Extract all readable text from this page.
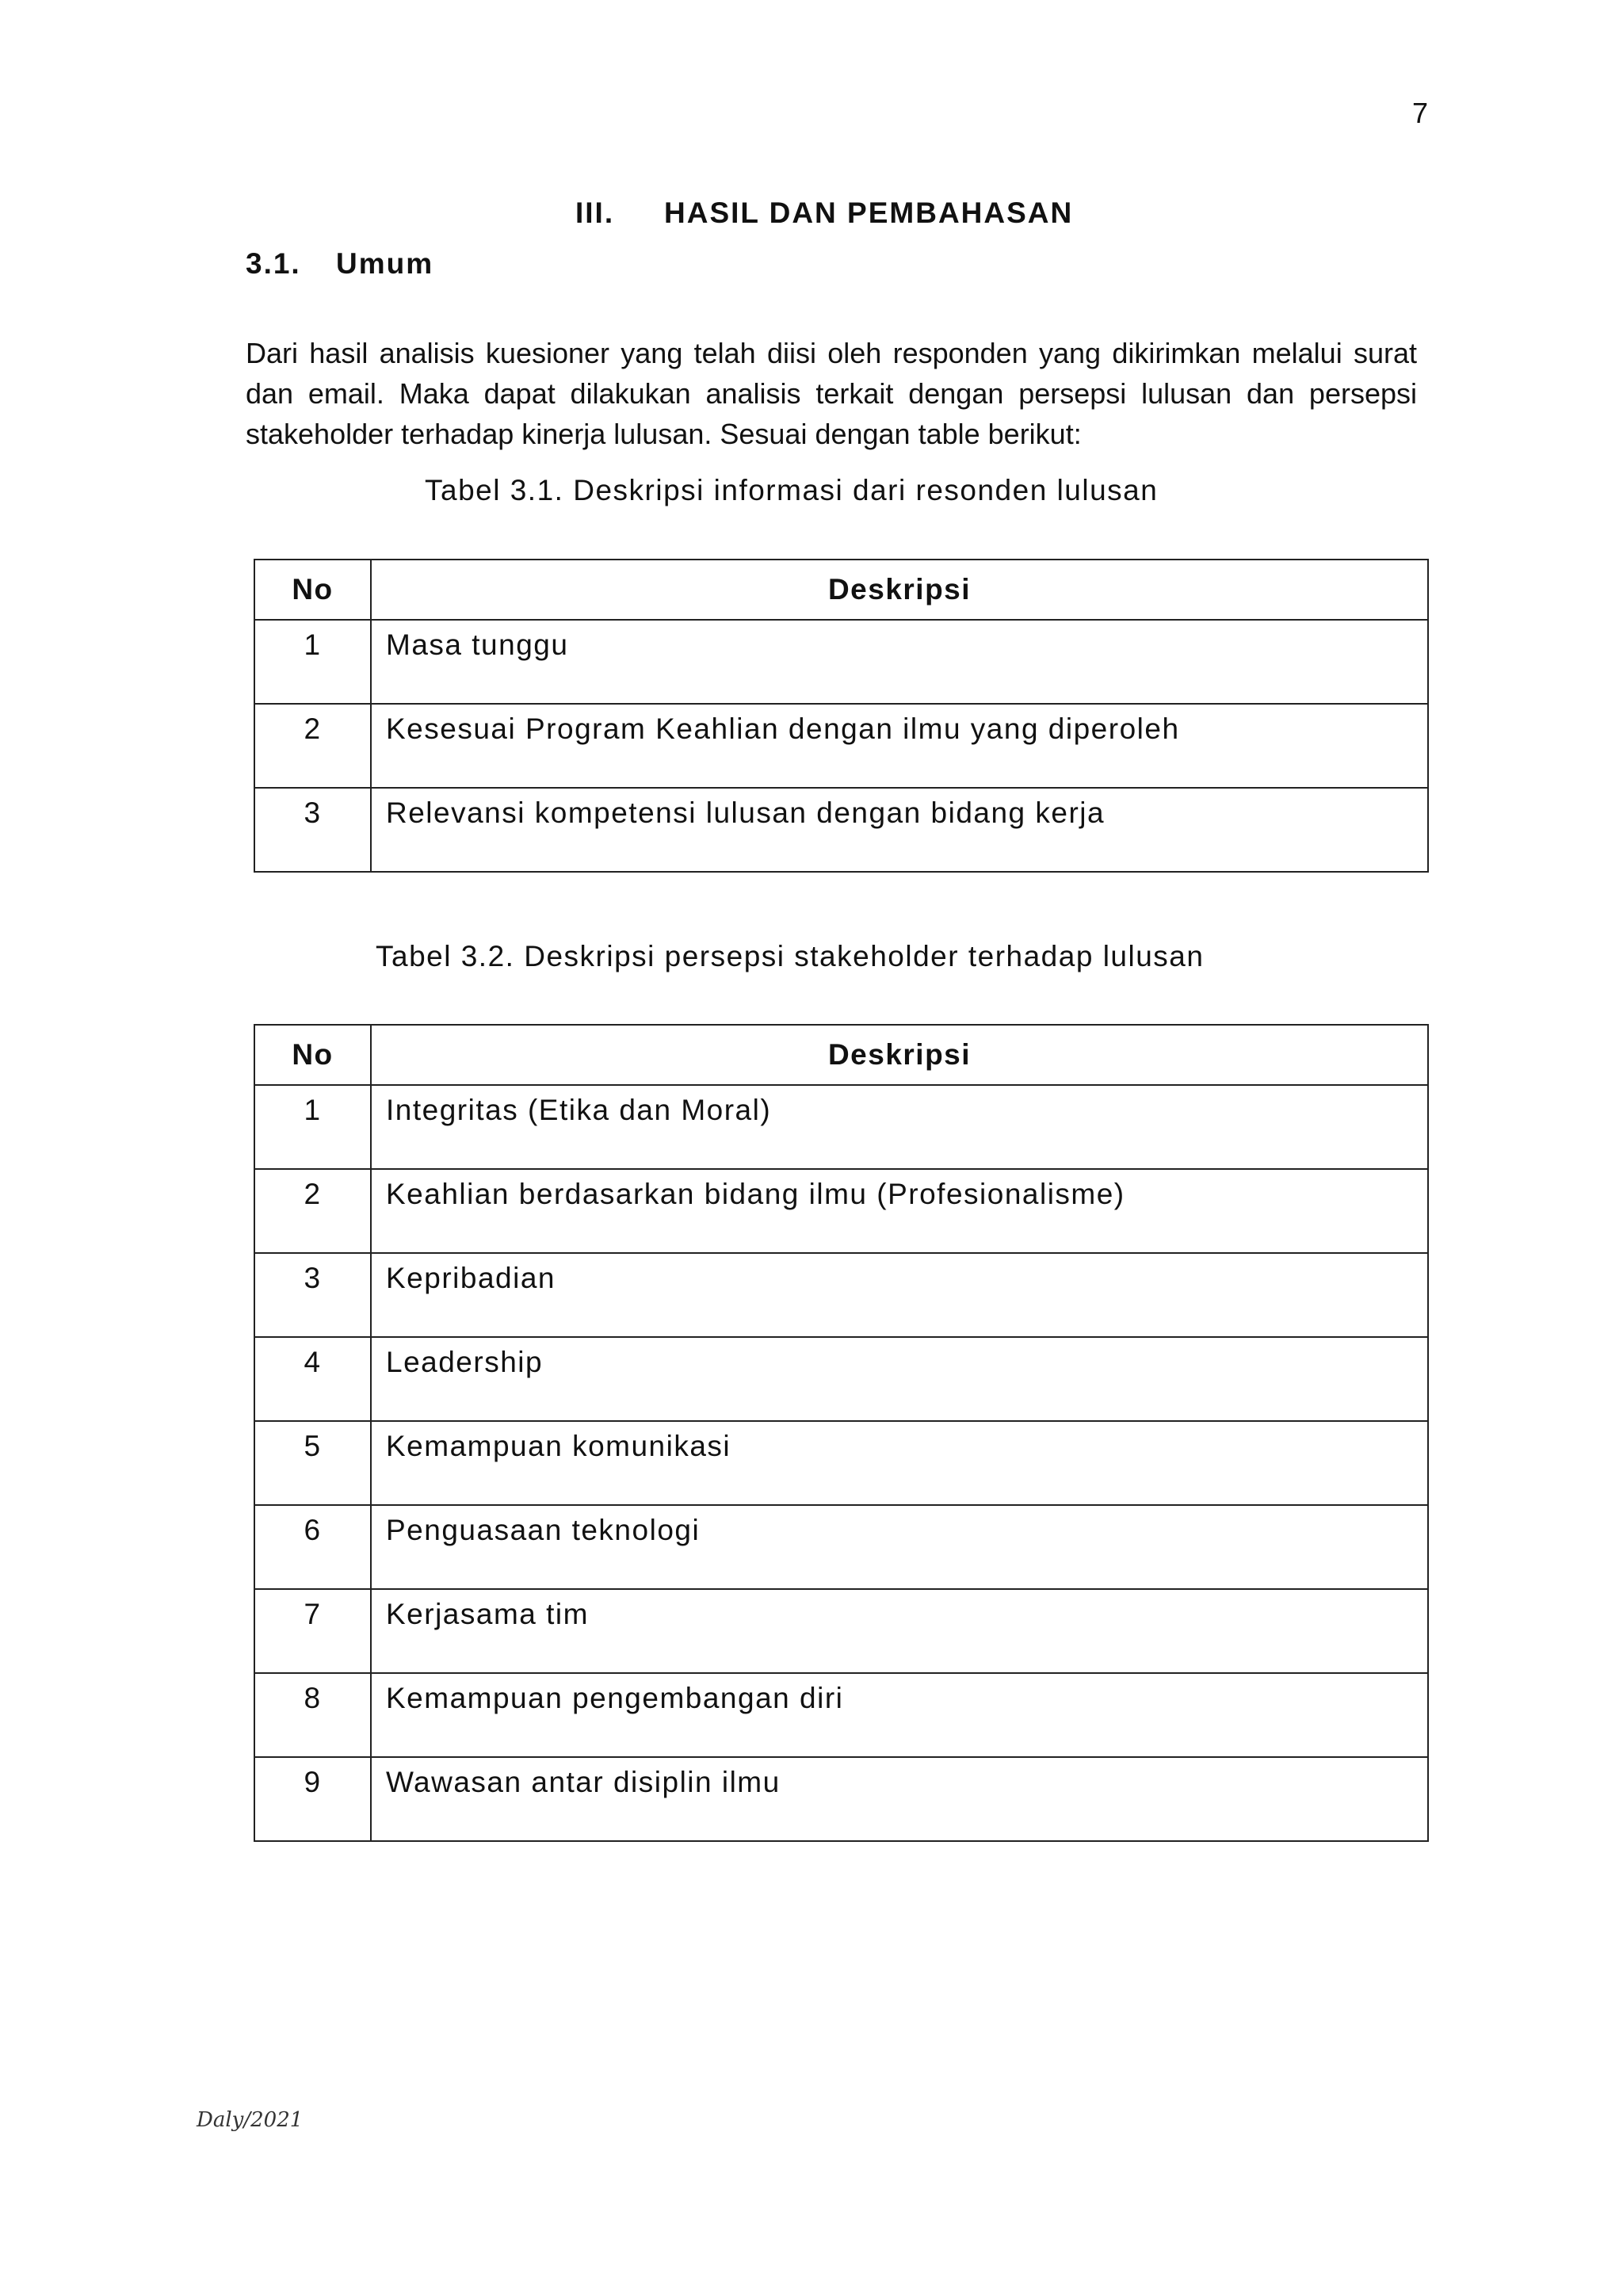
7
III. HASIL DAN PEMBAHASAN
3.1. Umum

Dari hasil analisis kuesioner yang telah diisi oleh responden yang dikirimkan melalui surat dan email. Maka dapat dilakukan analisis terkait dengan persepsi lulusan dan persepsi stakeholder terhadap kinerja lulusan. Sesuai dengan table berikut:

Tabel 3.1. Deskripsi informasi dari resonden lulusan
No	Deskripsi
1	Masa tunggu
2	Kesesuai Program Keahlian dengan ilmu yang diperoleh
3	Relevansi kompetensi lulusan dengan bidang kerja
Tabel 3.2. Deskripsi persepsi stakeholder terhadap lulusan
No	Deskripsi
1	Integritas (Etika dan Moral)
2	Keahlian berdasarkan bidang ilmu (Profesionalisme)
3	Kepribadian
4	Leadership
5	Kemampuan komunikasi
6	Penguasaan teknologi
7	Kerjasama tim
8	Kemampuan pengembangan diri
9	Wawasan antar disiplin ilmu
Daly/2021
